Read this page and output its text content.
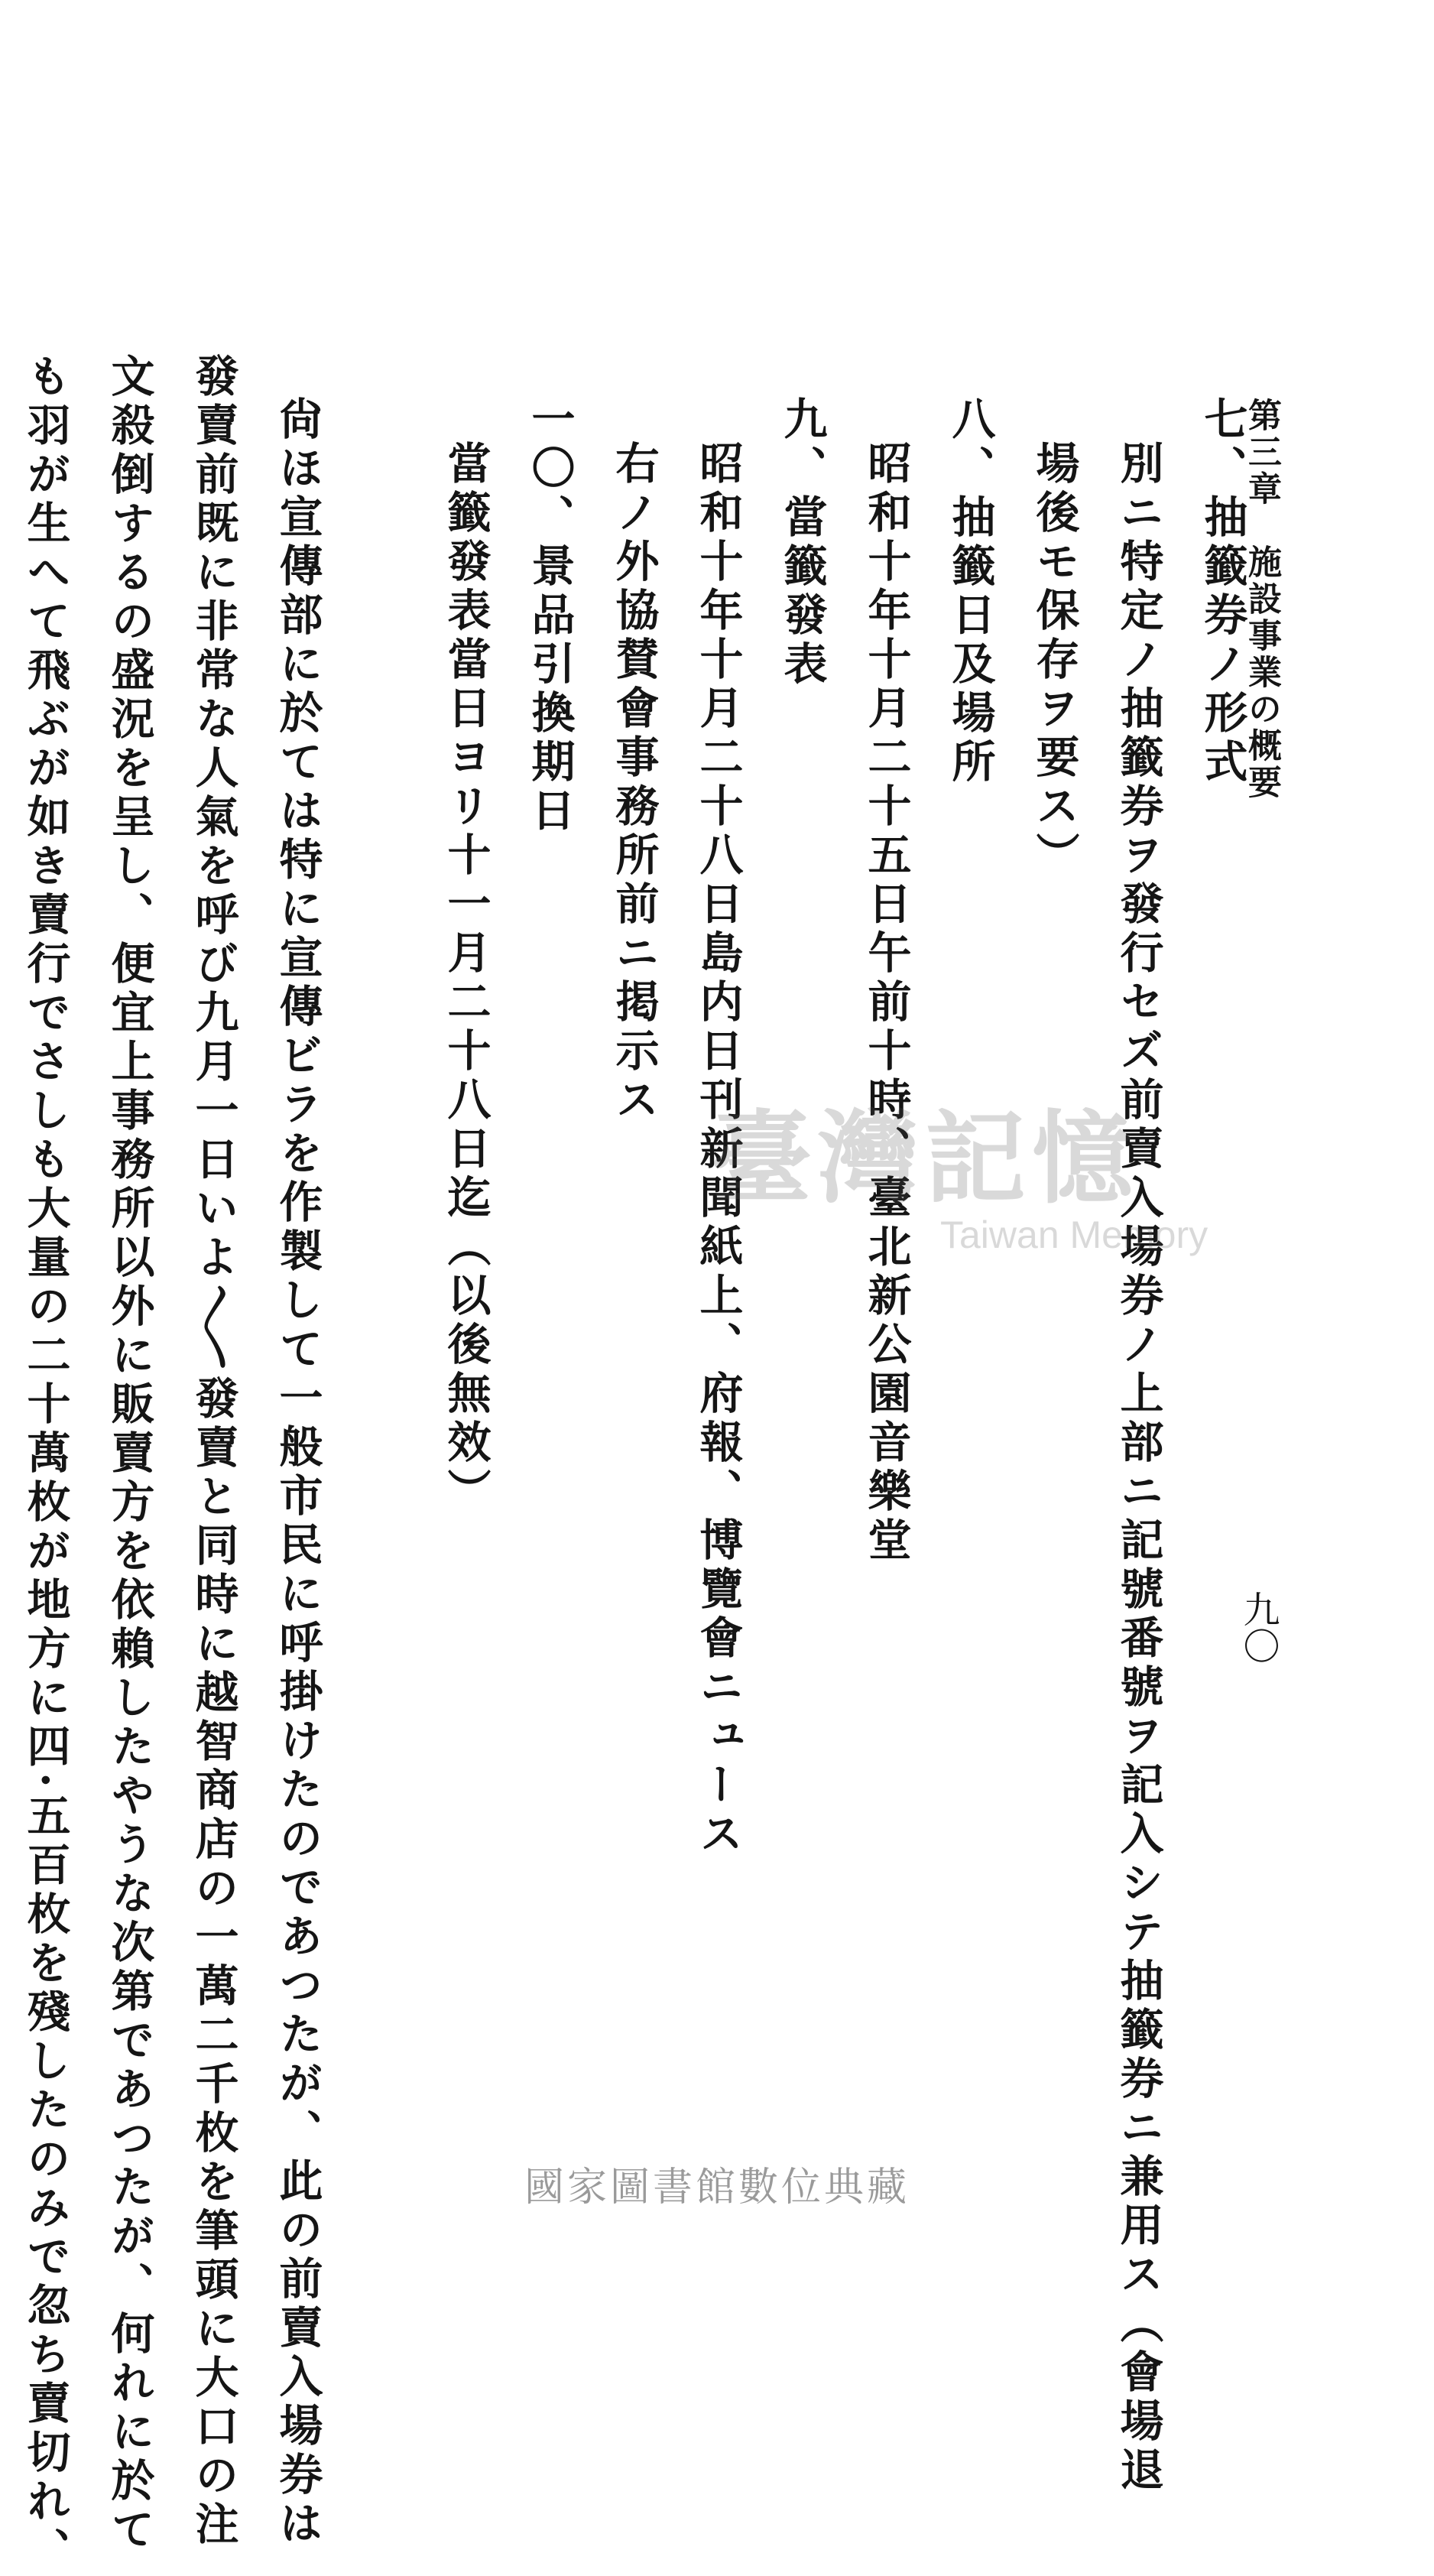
第三章　施設事業の概要
九〇
七、抽籤券ノ形式
別ニ特定ノ抽籤券ヲ發行セズ前賣入場券ノ上部ニ記號番號ヲ記入シテ抽籤券ニ兼用ス（會場退
場後モ保存ヲ要ス）
八、抽籤日及場所
昭和十年十月二十五日午前十時、臺北新公園音樂堂
九、當籤發表
昭和十年十月二十八日島内日刊新聞紙上、府報、博覽會ニュース
右ノ外協賛會事務所前ニ掲示ス
一〇、景品引換期日
當籤發表當日ヨリ十一月二十八日迄（以後無效）
尙ほ宣傳部に於ては特に宣傳ビラを作製して一般市民に呼掛けたのであつたが、此の前賣入場券は
發賣前既に非常な人氣を呼び九月一日いよ〳〵發賣と同時に越智商店の一萬二千枚を筆頭に大口の注
文殺倒するの盛況を呈し、便宜上事務所以外に販賣方を依賴したやうな次第であつたが、何れに於て
も羽が生へて飛ぶが如き賣行でさしも大量の二十萬枚が地方に四·五百枚を殘したのみで忽ち賣切れ、	臺灣記憶
Taiwan Memory
國家圖書館數位典藏
